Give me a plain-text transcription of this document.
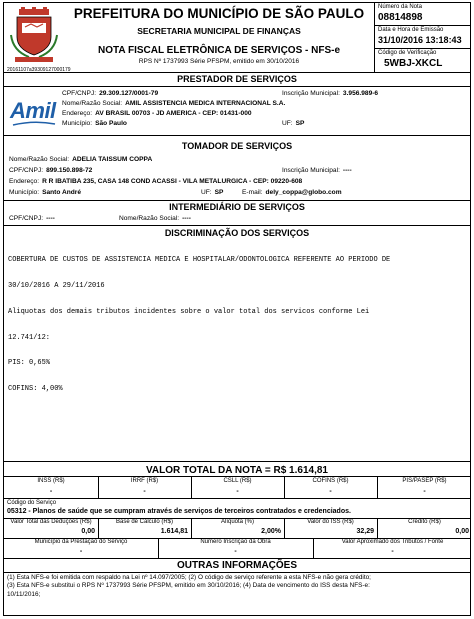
PREFEITURA DO MUNICÍPIO DE SÃO PAULO
SECRETARIA MUNICIPAL DE FINANÇAS
NOTA FISCAL ELETRÔNICA DE SERVIÇOS - NFS-e
RPS Nº 1737993 Série PFSPM, emitido em 30/10/2016
20161107a39309127000179
Número da Nota
08814898
Data e Hora de Emissão
31/10/2016 13:18:43
Código de Verificação
5WBJ-XKCL
PRESTADOR DE SERVIÇOS
Amil
CPF/CNPJ: 29.309.127/0001-79	Inscrição Municipal: 3.956.989-6
Nome/Razão Social: AMIL ASSISTENCIA MEDICA INTERNACIONAL S.A.
Endereço: AV BRASIL 00703 - JD AMERICA - CEP: 01431-000
Município: São Paulo	UF: SP
TOMADOR DE SERVIÇOS
Nome/Razão Social: ADELIA TAISSUM COPPA
CPF/CNPJ: 899.150.898-72	Inscrição Municipal: ----
Endereço: R R IBATIBA 235, CASA 148 COND ACASSI - VILA METALURGICA - CEP: 09220-608
Município: Santo André	UF: SP	E-mail: dely_coppa@globo.com
INTERMEDIÁRIO DE SERVIÇOS
CPF/CNPJ: ----	Nome/Razão Social: ----
DISCRIMINAÇÃO DOS SERVIÇOS

COBERTURA DE CUSTOS DE ASSISTENCIA MEDICA E HOSPITALAR/ODONTOLOGICA REFERENTE AO PERIODO DE

30/10/2016 A 29/11/2016

Aliquotas dos demais tributos incidentes sobre o valor total dos servicos conforme Lei

12.741/12:

PIS: 0,65%

COFINS: 4,00%

VALOR TOTAL DA NOTA = R$ 1.614,81
INSS (R$)	IRRF (R$)	CSLL (R$)	COFINS (R$)	PIS/PASEP (R$)
-	-	-	-	-
Código do Serviço
05312 - Planos de saúde que se cumpram através de serviços de terceiros contratados e credenciados.
Valor Total das Deduções (R$)	Base de Cálculo (R$)	Alíquota (%)	Valor do ISS (R$)	Crédito (R$)
0,00	1.614,81	2,00%	32,29	0,00
Município da Prestação do Serviço	Número Inscrição da Obra	Valor Aproximado dos Tributos / Fonte
-	-	-
OUTRAS INFORMAÇÕES
(1) Esta NFS-e foi emitida com respaldo na Lei nº 14.097/2005; (2) O código de serviço referente a esta NFS-e não gera crédito;
(3) Esta NFS-e substitui o RPS Nº 1737993 Série PFSPM, emitido em 30/10/2016; (4) Data de vencimento do ISS desta NFS-e:
10/11/2016;
